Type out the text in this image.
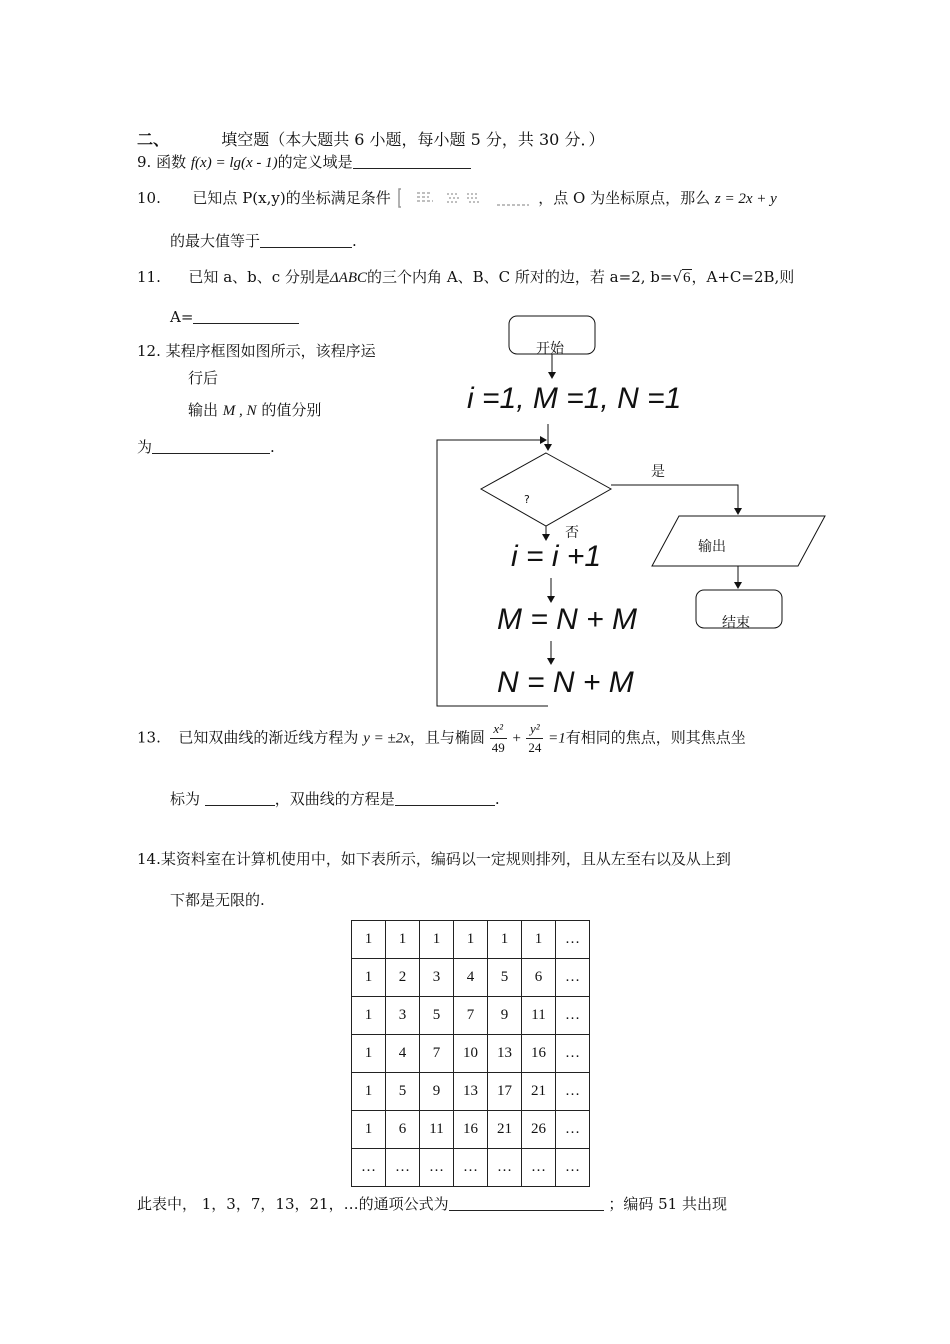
二、	填空题（本大题共 6 小题，每小题 5 分，共 30 分．）
9. 函数 f(x) = lg(x - 1)的定义域是
10. 已知点 P(x,y)的坐标满足条件	，点 O 为坐标原点，那么 z = 2x + y
的最大值等于	.
11. 已知 a、b、c 分别是ΔABC的三个内角 A、B、C 所对的边，若 a=2, b=√6，A+C=2B,则
A=
12. 某程序框图如图所示，该程序运
行后
输出 M , N 的值分别
为	.
开始
i =1, M =1, N =1
?
是
否
i = i +1
M = N + M
N = N + M
输出
结束
13. 已知双曲线的渐近线方程为 y = ±2x，且与椭圆 $\frac{\text{x²}}{49} + \frac{\text{y²}}{24} =1$有相同的焦点，则其焦点坐
标为	，双曲线的方程是	.
14.某资料室在计算机使用中，如下表所示，编码以一定规则排列，且从左至右以及从上到
下都是无限的.
1	1	1	1	1	1	…
1	2	3	4	5	6	…
1	3	5	7	9	11	…
1	4	7	10	13	16	…
1	5	9	13	17	21	…
1	6	11	16	21	26	…
…	…	…	…	…	…	…
此表中， 1，3，7，13，21，…的通项公式为	；编码 51 共出现
